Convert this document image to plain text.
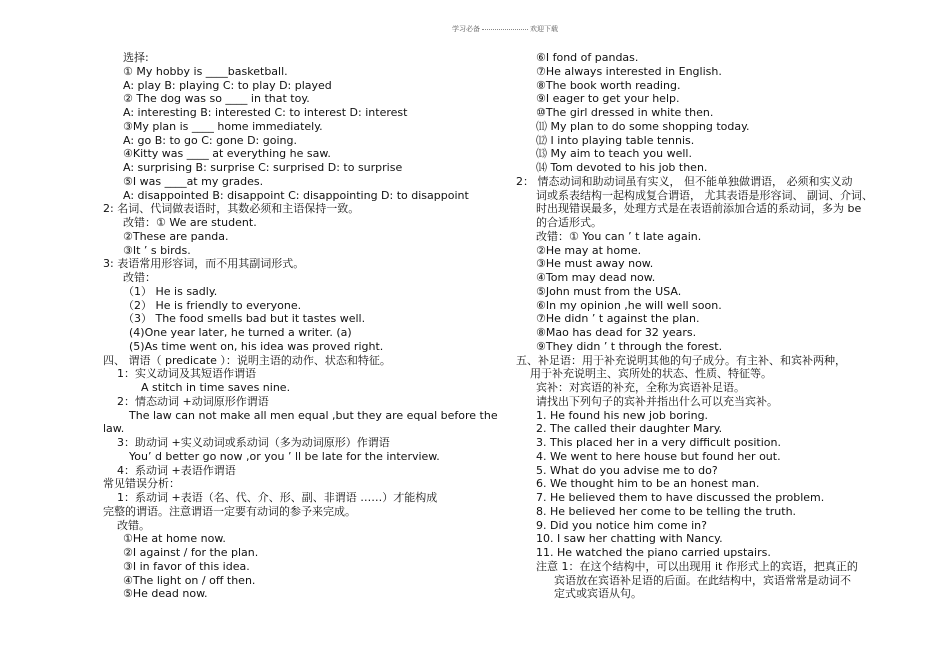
学习必备	欢迎下载
选择:
① My hobby is ____basketball.
A: play B: playing C: to play D: played
② The dog was so ____ in that toy.
A: interesting B: interested C: to interest D: interest
③My plan is ____ home immediately.
A: go B: to go C: gone D: going.
④Kitty was ____ at everything he saw.
A: surprising B: surprise C: surprised D: to surprise
⑤I was ____at my grades.
A: disappointed B: disappoint C: disappointing D: to disappoint
2: 名词、代词做表语时，其数必须和主语保持一致。
改错：① We are student.
②These are panda.
③It ’ s birds.
3: 表语常用形容词，而不用其副词形式。
改错：
（1） He is sadly.
（2） He is friendly to everyone.
（3） The food smells bad but it tastes well.
(4)One year later, he turned a writer. (a)
(5)As time went on, his idea was proved right.
四、 谓语（ predicate ）：说明主语的动作、状态和特征。
1：实义动词及其短语作谓语
A stitch in time saves nine.
2：情态动词 +动词原形作谓语
The law can not make all men equal ,but they are equal before the
law.
3：助动词 +实义动词或系动词（多为动词原形）作谓语
You’ d better go now ,or you ’ ll be late for the interview.
4：系动词 +表语作谓语
常见错误分析：
1：系动词 +表语（名、代、介、形、副、非谓语 ……）才能构成
完整的谓语。注意谓语一定要有动词的参予来完成。
改错。
①He at home now.
②I against / for the plan.
③I in favor of this idea.
④The light on / off then.
⑤He dead now.
⑥I fond of pandas.
⑦He always interested in English.
⑧The book worth reading.
⑨I eager to get your help.
⑩The girl dressed in white then.
⑾ My plan to do some shopping today.
⑿ I into playing table tennis.
⒀ My aim to teach you well.
⒁ Tom devoted to his job then.
2： 情态动词和助动词虽有实义， 但不能单独做谓语， 必须和实义动
词或系表结构一起构成复合谓语， 尤其表语是形容词、 副词、介词、
时出现错误最多，处理方式是在表语前添加合适的系动词，多为 be
的合适形式。
改错：① You can ’ t late again.
②He may at home.
③He must away now.
④Tom may dead now.
⑤John must from the USA.
⑥In my opinion ,he will well soon.
⑦He didn ’ t against the plan.
⑧Mao has dead for 32 years.
⑨They didn ’ t through the forest.
五、补足语：用于补充说明其他的句子成分。有主补、和宾补两种，
用于补充说明主、宾所处的状态、性质、特征等。
宾补：对宾语的补充，全称为宾语补足语。
请找出下列句子的宾补并指出什么可以充当宾补。
1. He found his new job boring.
2. The called their daughter Mary.
3. This placed her in a very difficult position.
4. We went to here house but found her out.
5. What do you advise me to do?
6. We thought him to be an honest man.
7. He believed them to have discussed the problem.
8. He believed her come to be telling the truth.
9. Did you notice him come in?
10. I saw her chatting with Nancy.
11. He watched the piano carried upstairs.
注意 1：在这个结构中，可以出现用 it 作形式上的宾语，把真正的
宾语放在宾语补足语的后面。在此结构中，宾语常常是动词不
定式或宾语从句。
